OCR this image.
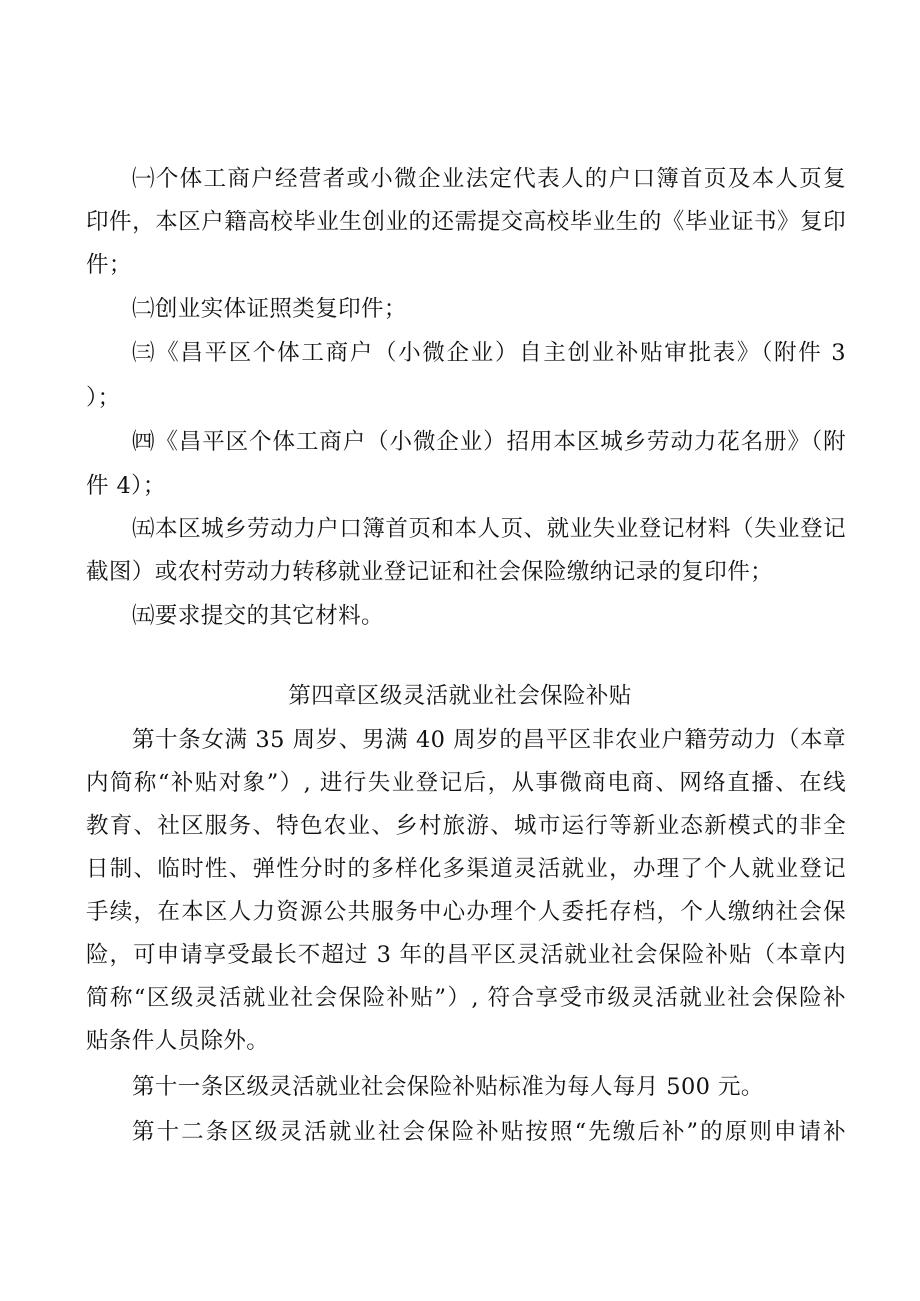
㈠个体工商户经营者或小微企业法定代表人的户口簿首页及本人页复
印件，本区户籍高校毕业生创业的还需提交高校毕业生的《毕业证书》复印
件；
㈡创业实体证照类复印件；
㈢《昌平区个体工商户（小微企业）自主创业补贴审批表》（附件 3
）；
㈣《昌平区个体工商户（小微企业）招用本区城乡劳动力花名册》（附
件 4）；
㈤本区城乡劳动力户口簿首页和本人页、就业失业登记材料（失业登记
截图）或农村劳动力转移就业登记证和社会保险缴纳记录的复印件；
㈤要求提交的其它材料。
第四章区级灵活就业社会保险补贴
第十条女满 35 周岁、男满 40 周岁的昌平区非农业户籍劳动力（本章
内简称“补贴对象”）, 进行失业登记后，从事微商电商、网络直播、在线
教育、社区服务、特色农业、乡村旅游、城市运行等新业态新模式的非全
日制、临时性、弹性分时的多样化多渠道灵活就业，办理了个人就业登记
手续，在本区人力资源公共服务中心办理个人委托存档，个人缴纳社会保
险，可申请享受最长不超过 3 年的昌平区灵活就业社会保险补贴（本章内
简称“区级灵活就业社会保险补贴”）, 符合享受市级灵活就业社会保险补
贴条件人员除外。
第十一条区级灵活就业社会保险补贴标准为每人每月 500 元。
第十二条区级灵活就业社会保险补贴按照“先缴后补”的原则申请补
